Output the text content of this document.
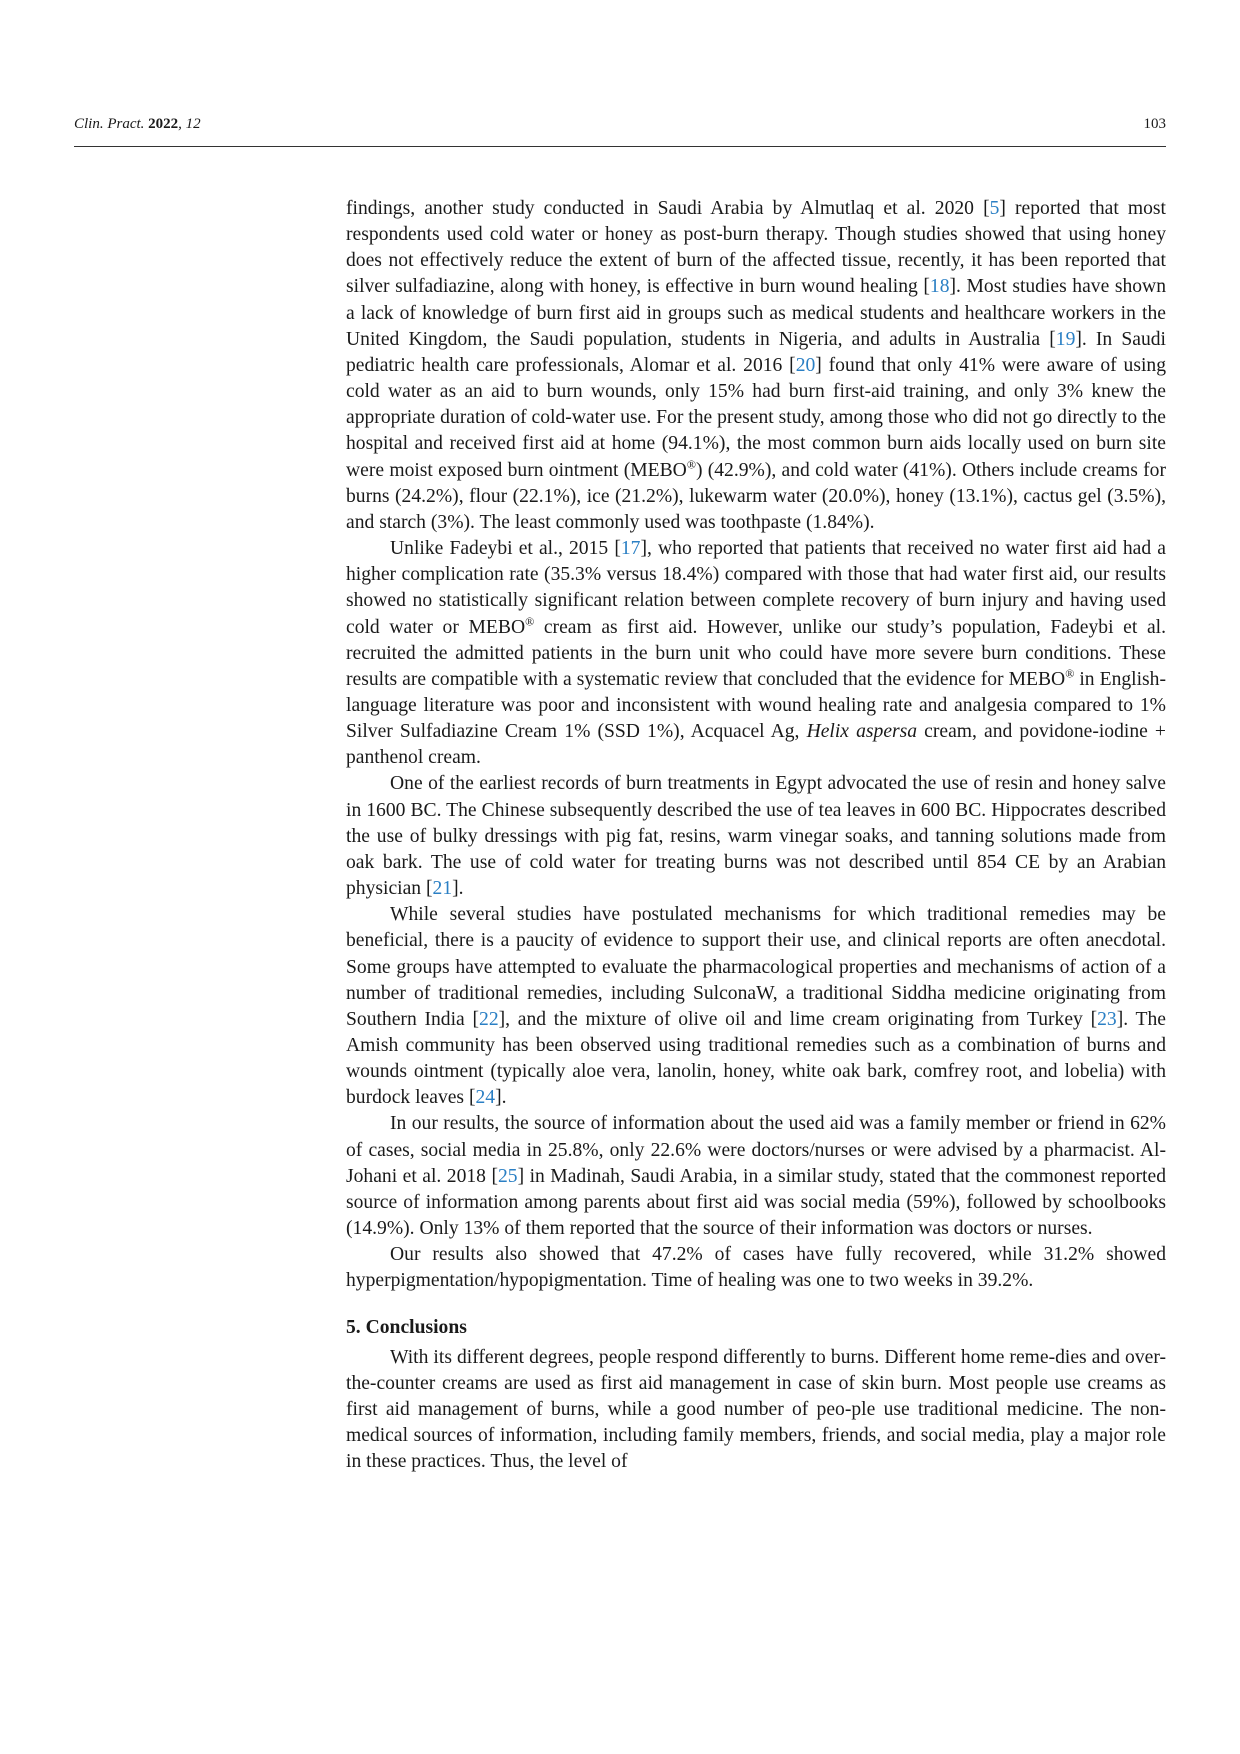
Clin. Pract. 2022, 12	103

findings, another study conducted in Saudi Arabia by Almutlaq et al. 2020 [5] reported that most respondents used cold water or honey as post-burn therapy. Though studies showed that using honey does not effectively reduce the extent of burn of the affected tissue, recently, it has been reported that silver sulfadiazine, along with honey, is effective in burn wound healing [18]. Most studies have shown a lack of knowledge of burn first aid in groups such as medical students and healthcare workers in the United Kingdom, the Saudi population, students in Nigeria, and adults in Australia [19]. In Saudi pediatric health care professionals, Alomar et al. 2016 [20] found that only 41% were aware of using cold water as an aid to burn wounds, only 15% had burn first-aid training, and only 3% knew the appropriate duration of cold-water use. For the present study, among those who did not go directly to the hospital and received first aid at home (94.1%), the most common burn aids locally used on burn site were moist exposed burn ointment (MEBO®) (42.9%), and cold water (41%). Others include creams for burns (24.2%), flour (22.1%), ice (21.2%), lukewarm water (20.0%), honey (13.1%), cactus gel (3.5%), and starch (3%). The least commonly used was toothpaste (1.84%).

Unlike Fadeybi et al., 2015 [17], who reported that patients that received no water first aid had a higher complication rate (35.3% versus 18.4%) compared with those that had water first aid, our results showed no statistically significant relation between complete recovery of burn injury and having used cold water or MEBO® cream as first aid. However, unlike our study’s population, Fadeybi et al. recruited the admitted patients in the burn unit who could have more severe burn conditions. These results are compatible with a systematic review that concluded that the evidence for MEBO® in English-language literature was poor and inconsistent with wound healing rate and analgesia compared to 1% Silver Sulfadiazine Cream 1% (SSD 1%), Acquacel Ag, Helix aspersa cream, and povidone-iodine + panthenol cream.

One of the earliest records of burn treatments in Egypt advocated the use of resin and honey salve in 1600 BC. The Chinese subsequently described the use of tea leaves in 600 BC. Hippocrates described the use of bulky dressings with pig fat, resins, warm vinegar soaks, and tanning solutions made from oak bark. The use of cold water for treating burns was not described until 854 CE by an Arabian physician [21].

While several studies have postulated mechanisms for which traditional remedies may be beneficial, there is a paucity of evidence to support their use, and clinical reports are often anecdotal. Some groups have attempted to evaluate the pharmacological properties and mechanisms of action of a number of traditional remedies, including SulconaW, a traditional Siddha medicine originating from Southern India [22], and the mixture of olive oil and lime cream originating from Turkey [23]. The Amish community has been observed using traditional remedies such as a combination of burns and wounds ointment (typically aloe vera, lanolin, honey, white oak bark, comfrey root, and lobelia) with burdock leaves [24].

In our results, the source of information about the used aid was a family member or friend in 62% of cases, social media in 25.8%, only 22.6% were doctors/nurses or were advised by a pharmacist. Al-Johani et al. 2018 [25] in Madinah, Saudi Arabia, in a similar study, stated that the commonest reported source of information among parents about first aid was social media (59%), followed by schoolbooks (14.9%). Only 13% of them reported that the source of their information was doctors or nurses.

Our results also showed that 47.2% of cases have fully recovered, while 31.2% showed hyperpigmentation/hypopigmentation. Time of healing was one to two weeks in 39.2%.

5. Conclusions

With its different degrees, people respond differently to burns. Different home reme-dies and over-the-counter creams are used as first aid management in case of skin burn. Most people use creams as first aid management of burns, while a good number of peo-ple use traditional medicine. The non-medical sources of information, including family members, friends, and social media, play a major role in these practices. Thus, the level of
